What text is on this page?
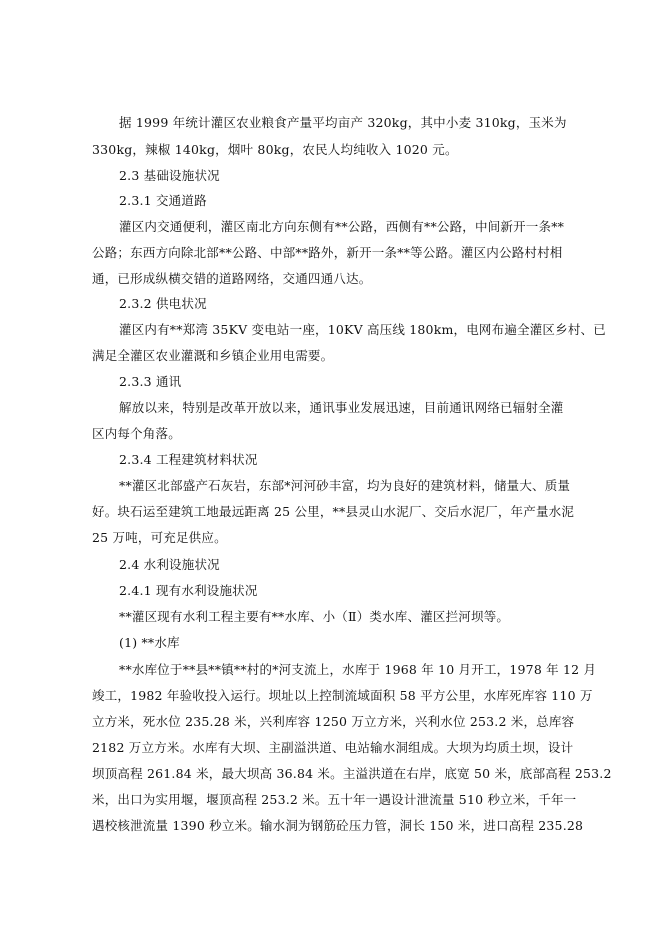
据 1999 年统计灌区农业粮食产量平均亩产 320kg，其中小麦 310kg，玉米为
330kg，辣椒 140kg，烟叶 80kg，农民人均纯收入 1020 元。
2.3 基础设施状况
2.3.1 交通道路
灌区内交通便利，灌区南北方向东侧有**公路，西侧有**公路，中间新开一条**
公路；东西方向除北部**公路、中部**路外，新开一条**等公路。灌区内公路村村相
通，已形成纵横交错的道路网络，交通四通八达。
2.3.2 供电状况
灌区内有**郑湾 35KV 变电站一座，10KV 高压线 180km，电网布遍全灌区乡村、已
满足全灌区农业灌溉和乡镇企业用电需要。
2.3.3 通讯
解放以来，特别是改革开放以来，通讯事业发展迅速，目前通讯网络已辐射全灌
区内每个角落。
2.3.4 工程建筑材料状况
**灌区北部盛产石灰岩，东部*河河砂丰富，均为良好的建筑材料，储量大、质量
好。块石运至建筑工地最远距离 25 公里，**县灵山水泥厂、交后水泥厂，年产量水泥
25 万吨，可充足供应。
2.4 水利设施状况
2.4.1 现有水利设施状况
**灌区现有水利工程主要有**水库、小（Ⅱ）类水库、灌区拦河坝等。
(1) **水库
**水库位于**县**镇**村的*河支流上，水库于 1968 年 10 月开工，1978 年 12 月
竣工，1982 年验收投入运行。坝址以上控制流域面积 58 平方公里，水库死库容 110 万
立方米，死水位 235.28 米，兴利库容 1250 万立方米，兴利水位 253.2 米，总库容
2182 万立方米。水库有大坝、主副溢洪道、电站输水洞组成。大坝为均质土坝，设计
坝顶高程 261.84 米，最大坝高 36.84 米。主溢洪道在右岸，底宽 50 米，底部高程 253.2
米，出口为实用堰，堰顶高程 253.2 米。五十年一遇设计泄流量 510 秒立米，千年一
遇校核泄流量 1390 秒立米。输水洞为钢筋砼压力管，洞长 150 米，进口高程 235.28
